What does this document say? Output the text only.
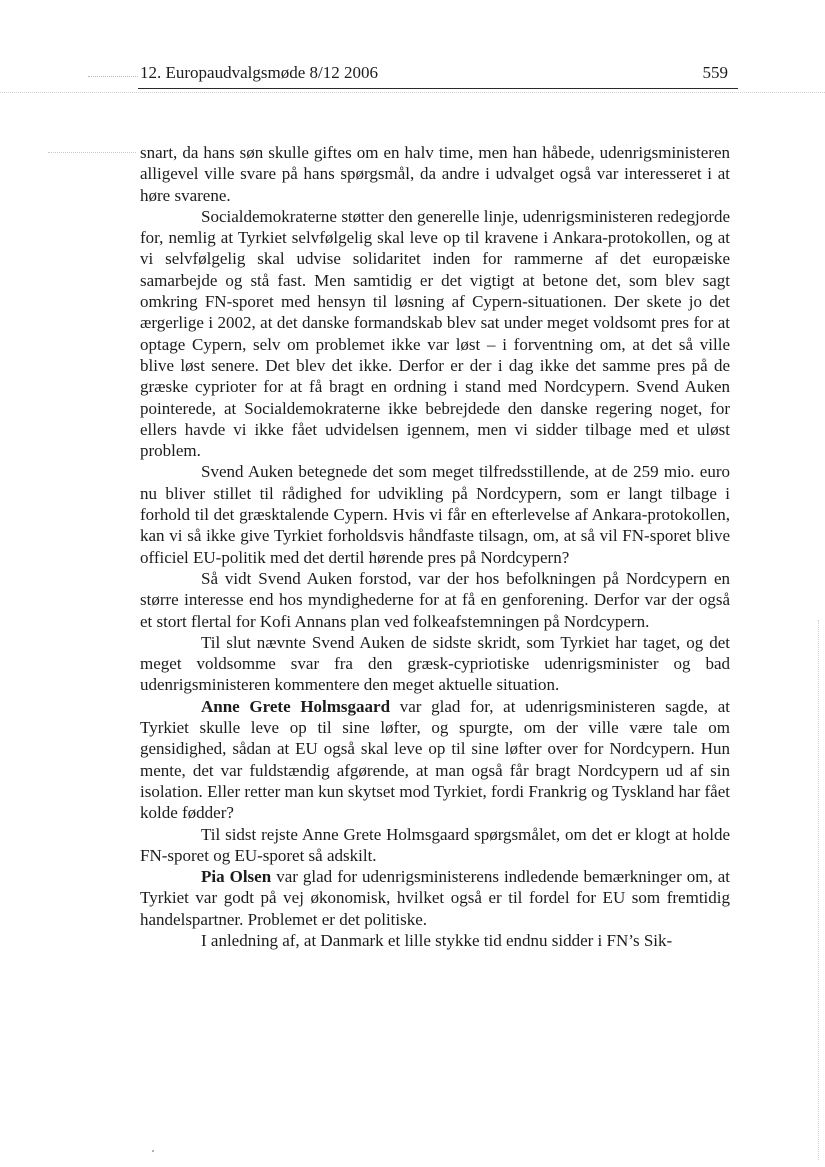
12. Europaudvalgsmøde 8/12 2006	559

snart, da hans søn skulle giftes om en halv time, men han håbede, udenrigsministeren alligevel ville svare på hans spørgsmål, da andre i udvalget også var interesseret i at høre svarene.

Socialdemokraterne støtter den generelle linje, udenrigsministeren redegjorde for, nemlig at Tyrkiet selvfølgelig skal leve op til kravene i Ankara-protokollen, og at vi selvfølgelig skal udvise solidaritet inden for rammerne af det europæiske samarbejde og stå fast. Men samtidig er det vigtigt at betone det, som blev sagt omkring FN-sporet med hensyn til løsning af Cypern-situationen. Der skete jo det ærgerlige i 2002, at det danske formandskab blev sat under meget voldsomt pres for at optage Cypern, selv om problemet ikke var løst – i forventning om, at det så ville blive løst senere. Det blev det ikke. Derfor er der i dag ikke det samme pres på de græske cyprioter for at få bragt en ordning i stand med Nordcypern. Svend Auken pointerede, at Socialdemokraterne ikke bebrejdede den danske regering noget, for ellers havde vi ikke fået udvidelsen igennem, men vi sidder tilbage med et uløst problem.

Svend Auken betegnede det som meget tilfredsstillende, at de 259 mio. euro nu bliver stillet til rådighed for udvikling på Nordcypern, som er langt tilbage i forhold til det græsktalende Cypern. Hvis vi får en efterlevelse af Ankara-protokollen, kan vi så ikke give Tyrkiet forholdsvis håndfaste tilsagn, om, at så vil FN-sporet blive officiel EU-politik med det dertil hørende pres på Nordcypern?

Så vidt Svend Auken forstod, var der hos befolkningen på Nordcypern en større interesse end hos myndighederne for at få en genforening. Derfor var der også et stort flertal for Kofi Annans plan ved folkeafstemningen på Nordcypern.

Til slut nævnte Svend Auken de sidste skridt, som Tyrkiet har taget, og det meget voldsomme svar fra den græsk-cypriotiske udenrigsminister og bad udenrigsministeren kommentere den meget aktuelle situation.

Anne Grete Holmsgaard var glad for, at udenrigsministeren sagde, at Tyrkiet skulle leve op til sine løfter, og spurgte, om der ville være tale om gensidighed, sådan at EU også skal leve op til sine løfter over for Nordcypern. Hun mente, det var fuldstændig afgørende, at man også får bragt Nordcypern ud af sin isolation. Eller retter man kun skytset mod Tyrkiet, fordi Frankrig og Tyskland har fået kolde fødder?

Til sidst rejste Anne Grete Holmsgaard spørgsmålet, om det er klogt at holde FN-sporet og EU-sporet så adskilt.

Pia Olsen var glad for udenrigsministerens indledende bemærkninger om, at Tyrkiet var godt på vej økonomisk, hvilket også er til fordel for EU som fremtidig handelspartner. Problemet er det politiske.

I anledning af, at Danmark et lille stykke tid endnu sidder i FN’s Sik-
